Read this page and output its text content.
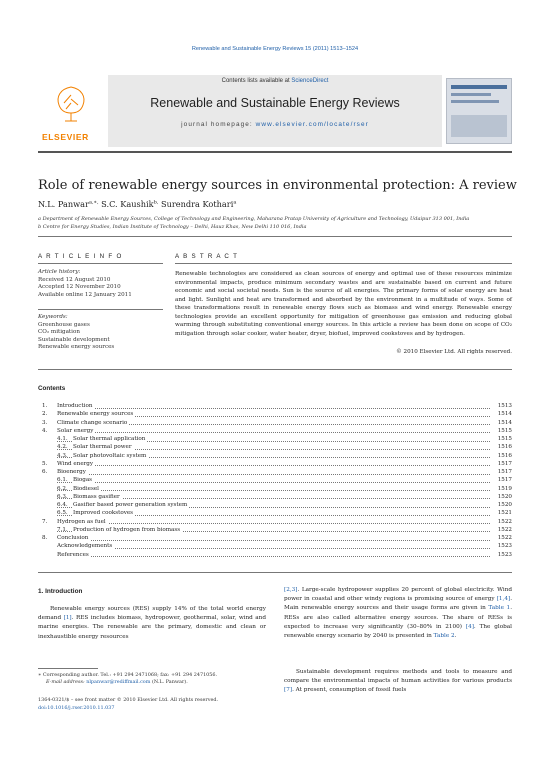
Renewable and Sustainable Energy Reviews 15 (2011) 1513–1524
ELSEVIER
Contents lists available at ScienceDirect
Renewable and Sustainable Energy Reviews
journal homepage: www.elsevier.com/locate/rser
Role of renewable energy sources in environmental protection: A review
N.L. Panwar$^{a,∗,}$ S.C. Kaushik$^{b,}$ Surendra Kothari$^a$
a Department of Renewable Energy Sources, College of Technology and Engineering, Maharana Pratap University of Agriculture and Technology, Udaipur 313 001, India
b Centre for Energy Studies, Indian Institute of Technology – Delhi, Hauz Khas, New Delhi 110 016, India
A R T I C L E I N F O	A B S T R A C T
Article history:
Received 12 August 2010
Accepted 12 November 2010
Available online 12 January 2011
Keywords:
Greenhouse gases
CO₂ mitigation
Sustainable development
Renewable energy sources
Renewable technologies are considered as clean sources of energy and optimal use of these resources minimize environmental impacts, produce minimum secondary wastes and are sustainable based on current and future economic and social societal needs. Sun is the source of all energies. The primary forms of solar energy are heat and light. Sunlight and heat are transformed and absorbed by the environment in a multitude of ways. Some of these transformations result in renewable energy flows such as biomass and wind energy. Renewable energy technologies provide an excellent opportunity for mitigation of greenhouse gas emission and reducing global warming through substituting conventional energy sources. In this article a review has been done on scope of CO₂ mitigation through solar cooker, water heater, dryer, biofuel, improved cookstoves and by hydrogen.
© 2010 Elsevier Ltd. All rights reserved.
Contents
1. Introduction	1513
2. Renewable energy sources	1514
3. Climate change scenario	1514
4. Solar energy	1515
4.1. Solar thermal application	1515
4.2. Solar thermal power	1516
4.3. Solar photovoltaic system	1516
5. Wind energy	1517
6. Bioenergy	1517
6.1. Biogas	1517
6.2. Biodiesel	1519
6.3. Biomass gasifier	1520
6.4. Gasifier based power generation system	1520
6.5. Improved cookstoves	1521
7. Hydrogen as fuel	1522
7.1. Production of hydrogen from biomass	1522
8. Conclusion	1522
Acknowledgements	1523
References	1523
1. Introduction
Renewable energy sources (RES) supply 14% of the total world energy demand [1]. RES includes biomass, hydropower, geothermal, solar, wind and marine energies. The renewable are the primary, domestic and clean or inexhaustible energy resources
[2,3]. Large-scale hydropower supplies 20 percent of global electricity. Wind power in coastal and other windy regions is promising source of energy [1,4]. Main renewable energy sources and their usage forms are given in Table 1. RESs are also called alternative energy sources. The share of RESs is expected to increase very significantly (30–80% in 2100) [4]. The global renewable energy scenario by 2040 is presented in Table 2.
Sustainable development requires methods and tools to measure and compare the environmental impacts of human activities for various products [7]. At present, consumption of fossil fuels
∗ Corresponding author. Tel.: +91 294 2471068; fax: +91 294 2471056.
E-mail address: nlpanwar@rediffmail.com (N.L. Panwar).
1364-0321/$ – see front matter © 2010 Elsevier Ltd. All rights reserved.
doi:10.1016/j.rser.2010.11.037
